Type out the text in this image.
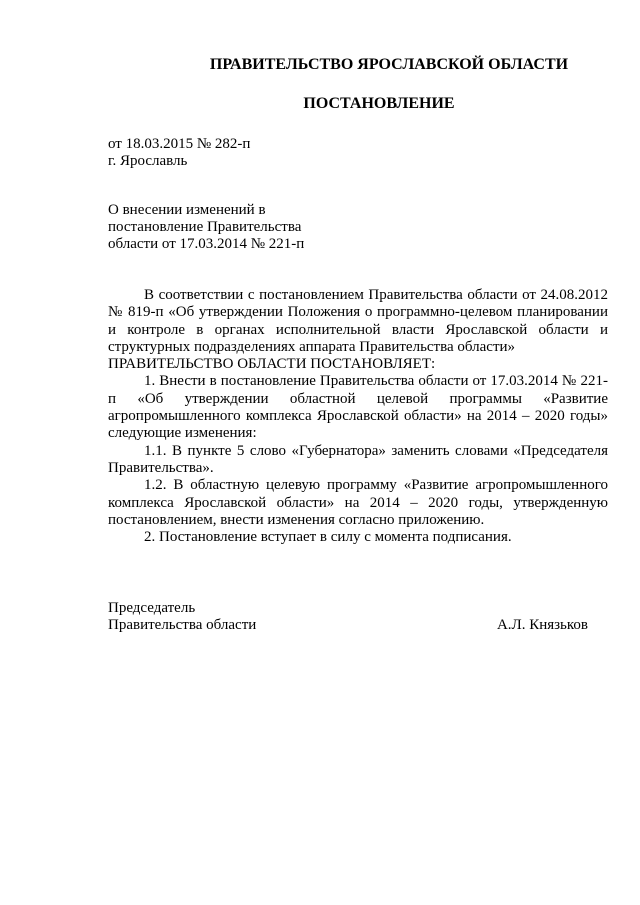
ПРАВИТЕЛЬСТВО ЯРОСЛАВСКОЙ ОБЛАСТИ
ПОСТАНОВЛЕНИЕ
от 18.03.2015 № 282-п
г. Ярославль
О внесении изменений в
постановление Правительства
области от 17.03.2014 № 221-п

В соответствии с постановлением Правительства области от 24.08.2012 № 819-п «Об утверждении Положения о программно-целевом планировании и контроле в органах исполнительной власти Ярославской области и структурных подразделениях аппарата Правительства области»

ПРАВИТЕЛЬСТВО ОБЛАСТИ ПОСТАНОВЛЯЕТ:

1. Внести в постановление Правительства области от 17.03.2014 № 221-п «Об утверждении областной целевой программы «Развитие агропромышленного комплекса Ярославской области» на 2014 – 2020 годы» следующие изменения:

1.1. В пункте 5 слово «Губернатора» заменить словами «Председателя Правительства».

1.2. В областную целевую программу «Развитие агропромышленного комплекса Ярославской области» на 2014 – 2020 годы, утвержденную постановлением, внести изменения согласно приложению.

2. Постановление вступает в силу с момента подписания.

Председатель
Правительства области	А.Л. Князьков
